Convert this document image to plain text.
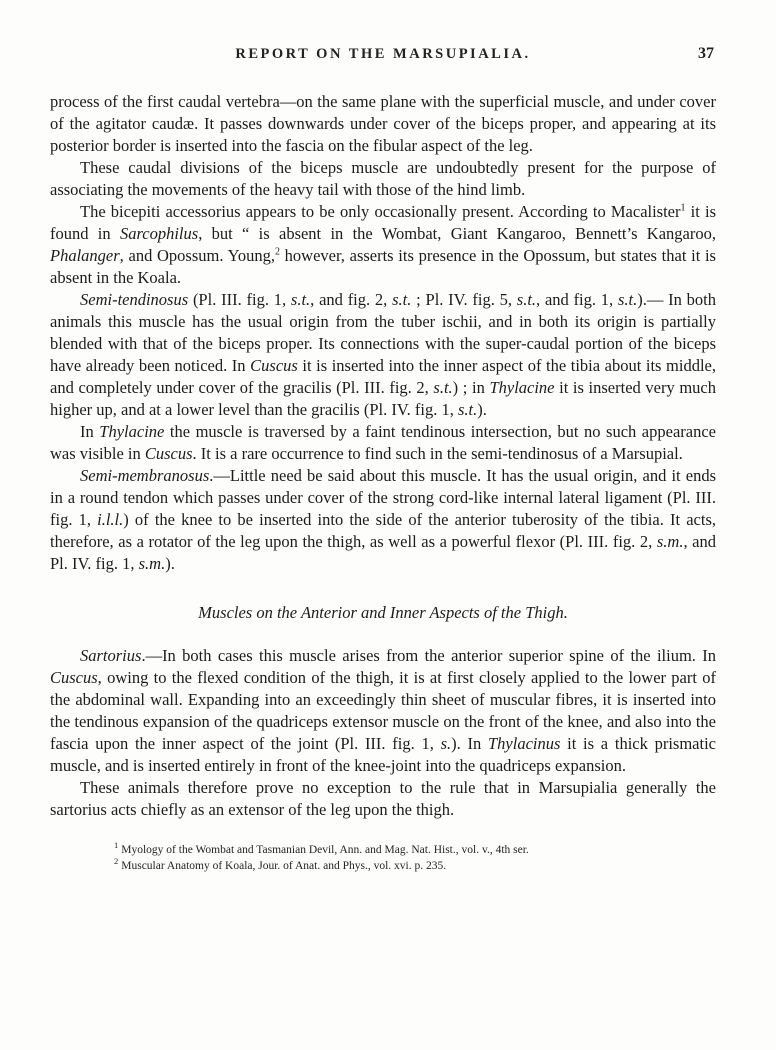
REPORT ON THE MARSUPIALIA.	37

process of the first caudal vertebra—on the same plane with the superficial muscle, and under cover of the agitator caudæ. It passes downwards under cover of the biceps proper, and appearing at its posterior border is inserted into the fascia on the fibular aspect of the leg.

These caudal divisions of the biceps muscle are undoubtedly present for the purpose of associating the movements of the heavy tail with those of the hind limb.

The bicepiti accessorius appears to be only occasionally present. According to Macalister$^1$ it is found in Sarcophilus, but “ is absent in the Wombat, Giant Kangaroo, Bennett’s Kangaroo, Phalanger, and Opossum. Young,$^2$ however, asserts its presence in the Opossum, but states that it is absent in the Koala.

Semi-tendinosus (Pl. III. fig. 1, s.t., and fig. 2, s.t. ; Pl. IV. fig. 5, s.t., and fig. 1, s.t.).— In both animals this muscle has the usual origin from the tuber ischii, and in both its origin is partially blended with that of the biceps proper. Its connections with the super-caudal portion of the biceps have already been noticed. In Cuscus it is inserted into the inner aspect of the tibia about its middle, and completely under cover of the gracilis (Pl. III. fig. 2, s.t.) ; in Thylacine it is inserted very much higher up, and at a lower level than the gracilis (Pl. IV. fig. 1, s.t.).

In Thylacine the muscle is traversed by a faint tendinous intersection, but no such appearance was visible in Cuscus. It is a rare occurrence to find such in the semi-tendinosus of a Marsupial.

Semi-membranosus.—Little need be said about this muscle. It has the usual origin, and it ends in a round tendon which passes under cover of the strong cord-like internal lateral ligament (Pl. III. fig. 1, i.l.l.) of the knee to be inserted into the side of the anterior tuberosity of the tibia. It acts, therefore, as a rotator of the leg upon the thigh, as well as a powerful flexor (Pl. III. fig. 2, s.m., and Pl. IV. fig. 1, s.m.).

Muscles on the Anterior and Inner Aspects of the Thigh.

Sartorius.—In both cases this muscle arises from the anterior superior spine of the ilium. In Cuscus, owing to the flexed condition of the thigh, it is at first closely applied to the lower part of the abdominal wall. Expanding into an exceedingly thin sheet of muscular fibres, it is inserted into the tendinous expansion of the quadriceps extensor muscle on the front of the knee, and also into the fascia upon the inner aspect of the joint (Pl. III. fig. 1, s.). In Thylacinus it is a thick prismatic muscle, and is inserted entirely in front of the knee-joint into the quadriceps expansion.

These animals therefore prove no exception to the rule that in Marsupialia generally the sartorius acts chiefly as an extensor of the leg upon the thigh.

$^1$ Myology of the Wombat and Tasmanian Devil, Ann. and Mag. Nat. Hist., vol. v., 4th ser.
$^2$ Muscular Anatomy of Koala, Jour. of Anat. and Phys., vol. xvi. p. 235.
